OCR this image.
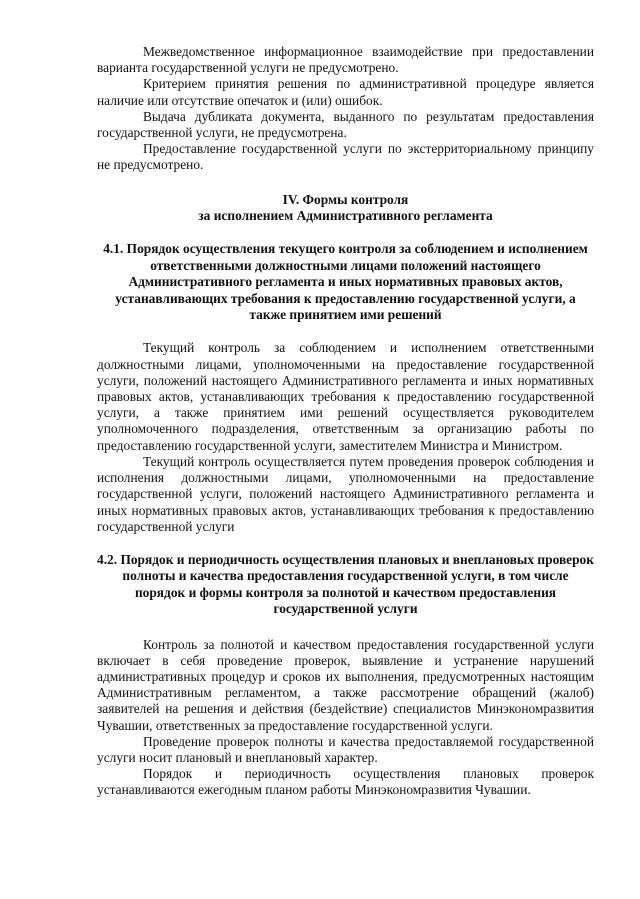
Межведомственное информационное взаимодействие при предоставлении варианта государственной услуги не предусмотрено.

Критерием принятия решения по административной процедуре является наличие или отсутствие опечаток и (или) ошибок.

Выдача дубликата документа, выданного по результатам предоставления государственной услуги, не предусмотрена.

Предоставление государственной услуги по экстерриториальному принципу не предусмотрено.

IV. Формы контроля
за исполнением Административного регламента
4.1. Порядок осуществления текущего контроля за соблюдением и исполнением ответственными должностными лицами положений настоящего Административного регламента и иных нормативных правовых актов, устанавливающих требования к предоставлению государственной услуги, а также принятием ими решений

Текущий контроль за соблюдением и исполнением ответственными должностными лицами, уполномоченными на предоставление государственной услуги, положений настоящего Административного регламента и иных нормативных правовых актов, устанавливающих требования к предоставлению государственной услуги, а также принятием ими решений осуществляется руководителем уполномоченного подразделения, ответственным за организацию работы по предоставлению государственной услуги, заместителем Министра и Министром.

Текущий контроль осуществляется путем проведения проверок соблюдения и исполнения должностными лицами, уполномоченными на предоставление государственной услуги, положений настоящего Административного регламента и иных нормативных правовых актов, устанавливающих требования к предоставлению государственной услуги

4.2. Порядок и периодичность осуществления плановых и внеплановых проверок полноты и качества предоставления государственной услуги, в том числе порядок и формы контроля за полнотой и качеством предоставления государственной услуги

Контроль за полнотой и качеством предоставления государственной услуги включает в себя проведение проверок, выявление и устранение нарушений административных процедур и сроков их выполнения, предусмотренных настоящим Административным регламентом, а также рассмотрение обращений (жалоб) заявителей на решения и действия (бездействие) специалистов Минэкономразвития Чувашии, ответственных за предоставление государственной услуги.

Проведение проверок полноты и качества предоставляемой государственной услуги носит плановый и внеплановый характер.

Порядок и периодичность осуществления плановых проверок устанавливаются ежегодным планом работы Минэкономразвития Чувашии.
